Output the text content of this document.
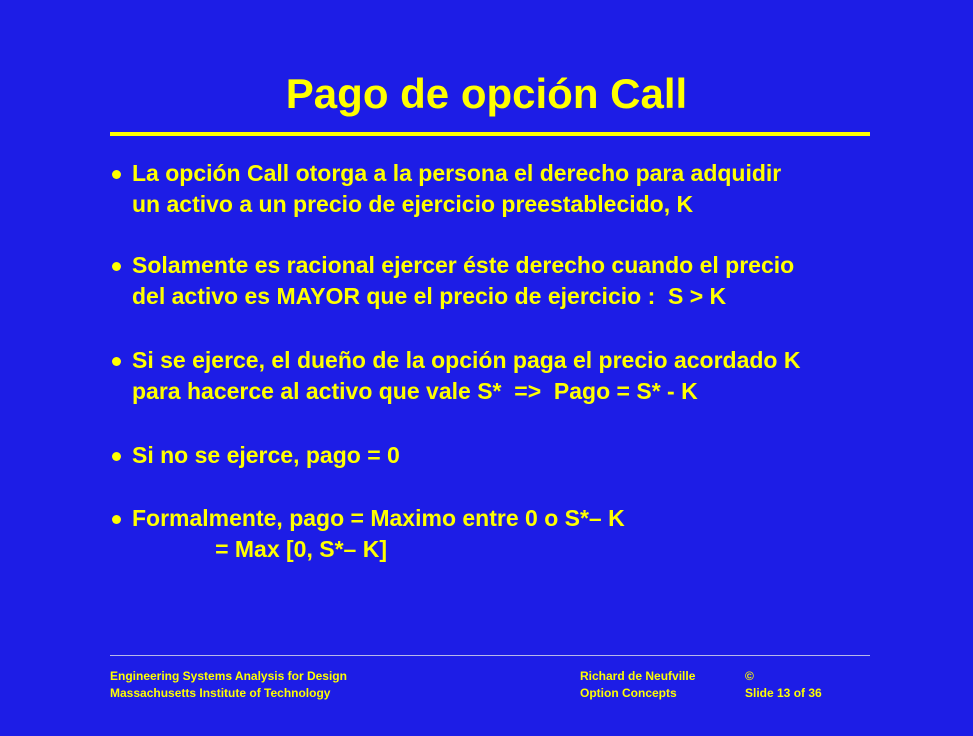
Pago de opción Call
La opción Call otorga a la persona el derecho para adquidir
un activo a un precio de ejercicio preestablecido, K
Solamente es racional ejercer éste derecho cuando el precio
del activo es MAYOR que el precio de ejercicio :  S > K
Si se ejerce, el dueño de la opción paga el precio acordado K
para hacerce al activo que vale S*  =>  Pago = S* - K
Si no se ejerce, pago = 0
Formalmente, pago = Maximo entre 0 o S*– K
= Max [0, S*– K]
Engineering Systems Analysis for Design
Massachusetts Institute of Technology
Richard de Neufville
Option Concepts
©
Slide 13 of 36
